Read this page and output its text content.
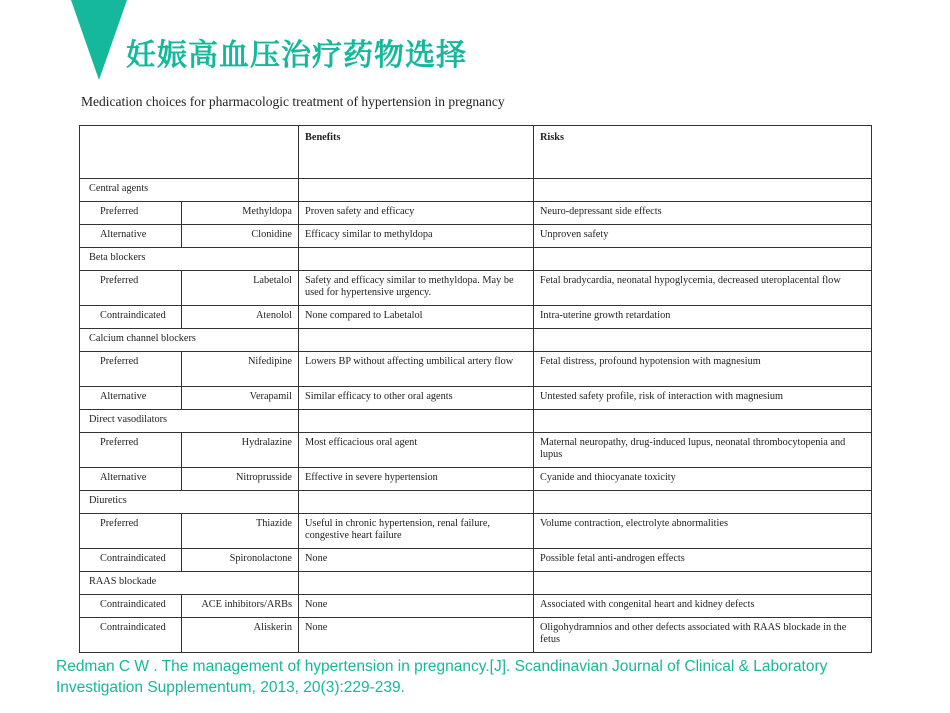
妊娠高血压治疗药物选择
Medication choices for pharmacologic treatment of hypertension in pregnancy
		Benefits	Risks
Central agents			
Preferred	Methyldopa	Proven safety and efficacy	Neuro-depressant side effects
Alternative	Clonidine	Efficacy similar to methyldopa	Unproven safety
Beta blockers			
Preferred	Labetalol	Safety and efficacy similar to methyldopa. May be used for hypertensive urgency.	Fetal bradycardia, neonatal hypoglycemia, decreased uteroplacental flow
Contraindicated	Atenolol	None compared to Labetalol	Intra-uterine growth retardation
Calcium channel blockers			
Preferred	Nifedipine	Lowers BP without affecting umbilical artery flow	Fetal distress, profound hypotension with magnesium
Alternative	Verapamil	Similar efficacy to other oral agents	Untested safety profile, risk of interaction with magnesium
Direct vasodilators			
Preferred	Hydralazine	Most efficacious oral agent	Maternal neuropathy, drug-induced lupus, neonatal thrombocytopenia and lupus
Alternative	Nitroprusside	Effective in severe hypertension	Cyanide and thiocyanate toxicity
Diuretics			
Preferred	Thiazide	Useful in chronic hypertension, renal failure, congestive heart failure	Volume contraction, electrolyte abnormalities
Contraindicated	Spironolactone	None	Possible fetal anti-androgen effects
RAAS blockade			
Contraindicated	ACE inhibitors/ARBs	None	Associated with congenital heart and kidney defects
Contraindicated	Aliskerin	None	Oligohydramnios and other defects associated with RAAS blockade in the fetus
Redman C W . The management of hypertension in pregnancy.[J]. Scandinavian Journal of Clinical & Laboratory Investigation Supplementum, 2013, 20(3):229-239.
